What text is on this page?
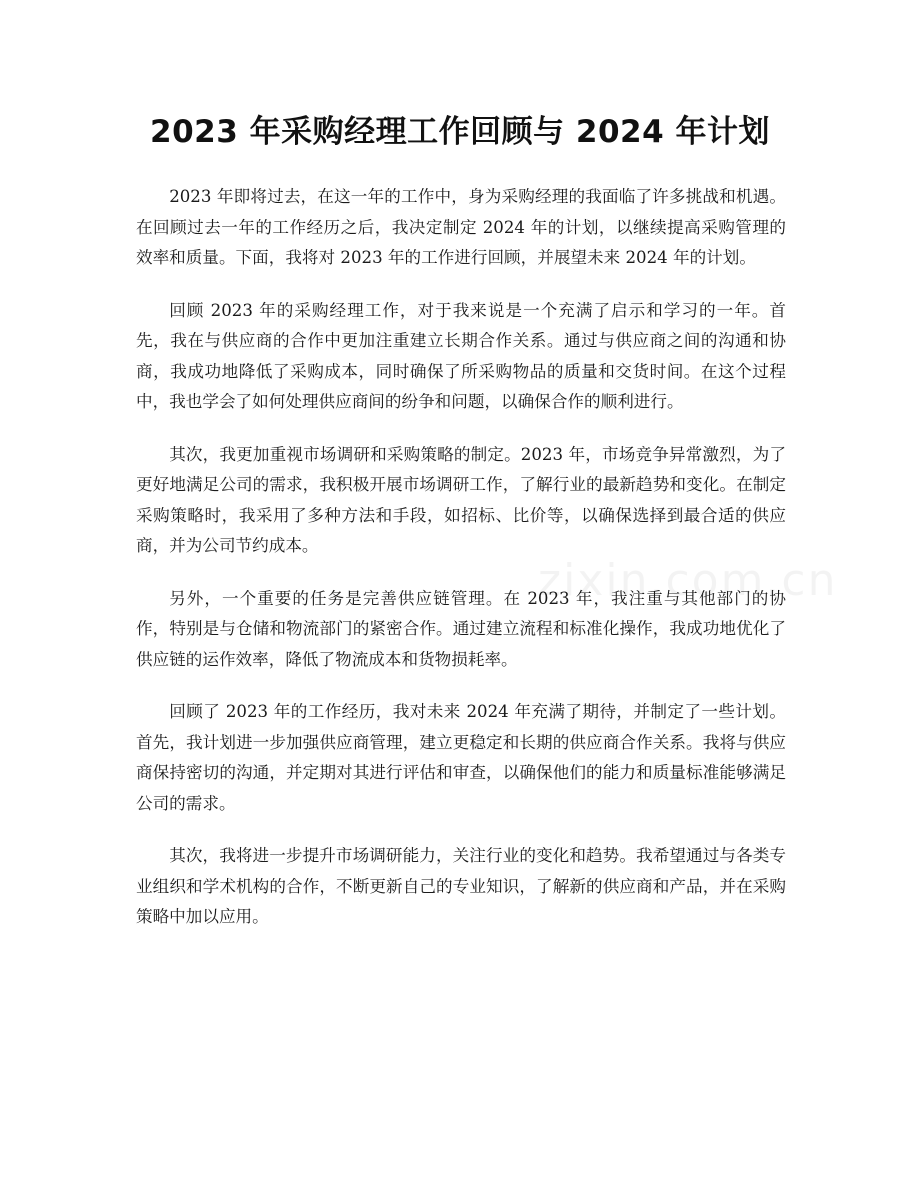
2023 年采购经理工作回顾与 2024 年计划

2023 年即将过去，在这一年的工作中，身为采购经理的我面临了许多挑战和机遇。在回顾过去一年的工作经历之后，我决定制定 2024 年的计划，以继续提高采购管理的效率和质量。下面，我将对 2023 年的工作进行回顾，并展望未来 2024 年的计划。

回顾 2023 年的采购经理工作，对于我来说是一个充满了启示和学习的一年。首先，我在与供应商的合作中更加注重建立长期合作关系。通过与供应商之间的沟通和协商，我成功地降低了采购成本，同时确保了所采购物品的质量和交货时间。在这个过程中，我也学会了如何处理供应商间的纷争和问题，以确保合作的顺利进行。

其次，我更加重视市场调研和采购策略的制定。2023 年，市场竞争异常激烈，为了更好地满足公司的需求，我积极开展市场调研工作，了解行业的最新趋势和变化。在制定采购策略时，我采用了多种方法和手段，如招标、比价等，以确保选择到最合适的供应商，并为公司节约成本。

另外，一个重要的任务是完善供应链管理。在 2023 年，我注重与其他部门的协作，特别是与仓储和物流部门的紧密合作。通过建立流程和标准化操作，我成功地优化了供应链的运作效率，降低了物流成本和货物损耗率。

回顾了 2023 年的工作经历，我对未来 2024 年充满了期待，并制定了一些计划。首先，我计划进一步加强供应商管理，建立更稳定和长期的供应商合作关系。我将与供应商保持密切的沟通，并定期对其进行评估和审查，以确保他们的能力和质量标准能够满足公司的需求。

其次，我将进一步提升市场调研能力，关注行业的变化和趋势。我希望通过与各类专业组织和学术机构的合作，不断更新自己的专业知识，了解新的供应商和产品，并在采购策略中加以应用。
